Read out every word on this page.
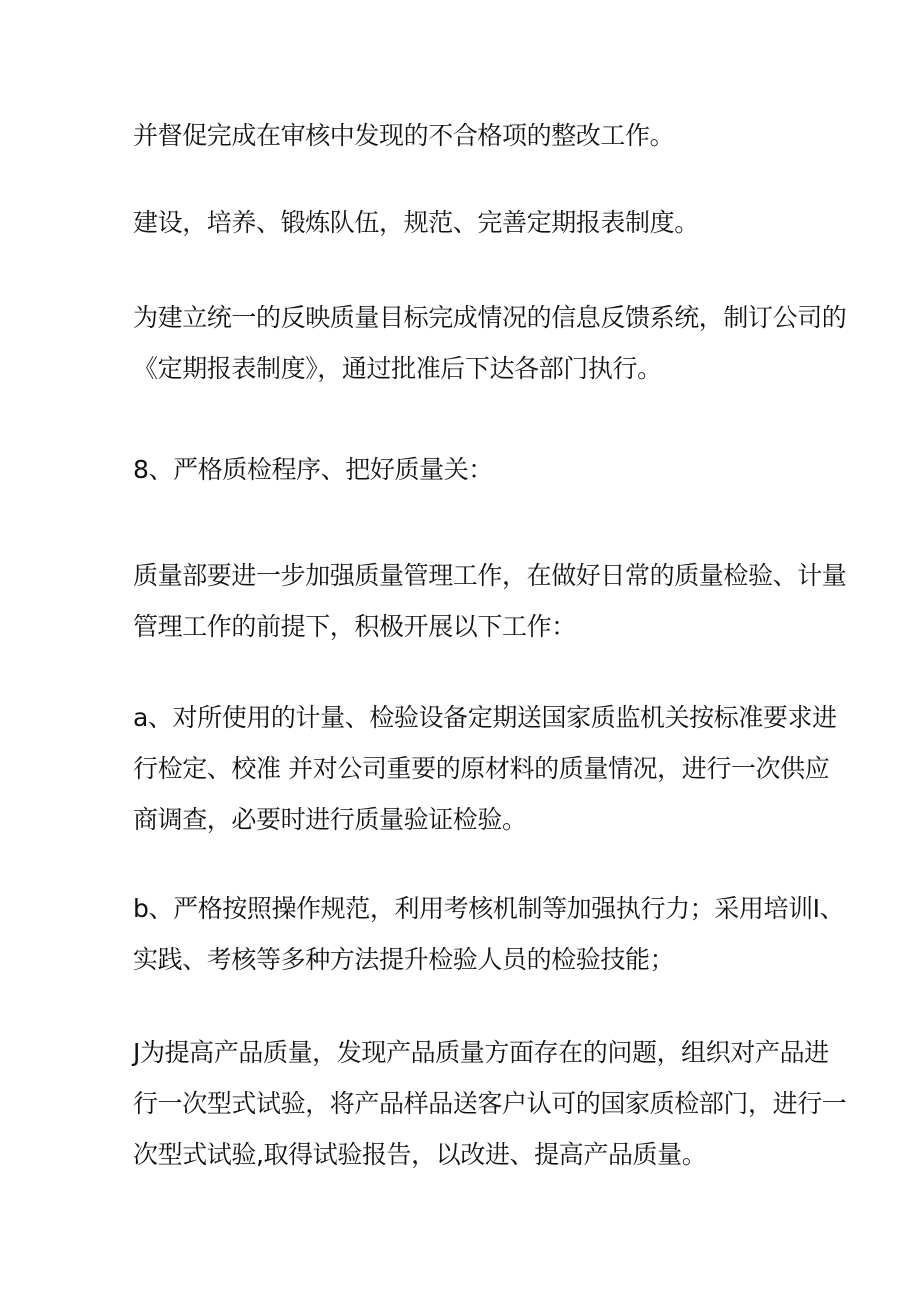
并督促完成在审核中发现的不合格项的整改工作。

建设，培养、锻炼队伍，规范、完善定期报表制度。

为建立统一的反映质量目标完成情况的信息反馈系统，制订公司的
《定期报表制度》，通过批准后下达各部门执行。

8、严格质检程序、把好质量关：

质量部要进一步加强质量管理工作，在做好日常的质量检验、计量
管理工作的前提下，积极开展以下工作：

a、对所使用的计量、检验设备定期送国家质监机关按标准要求进
行检定、校准 并对公司重要的原材料的质量情况，进行一次供应
商调查，必要时进行质量验证检验。

b、严格按照操作规范，利用考核机制等加强执行力；采用培训I、
实践、考核等多种方法提升检验人员的检验技能；

J为提高产品质量，发现产品质量方面存在的问题，组织对产品进
行一次型式试验，将产品样品送客户认可的国家质检部门，进行一
次型式试验,取得试验报告，以改进、提高产品质量。
